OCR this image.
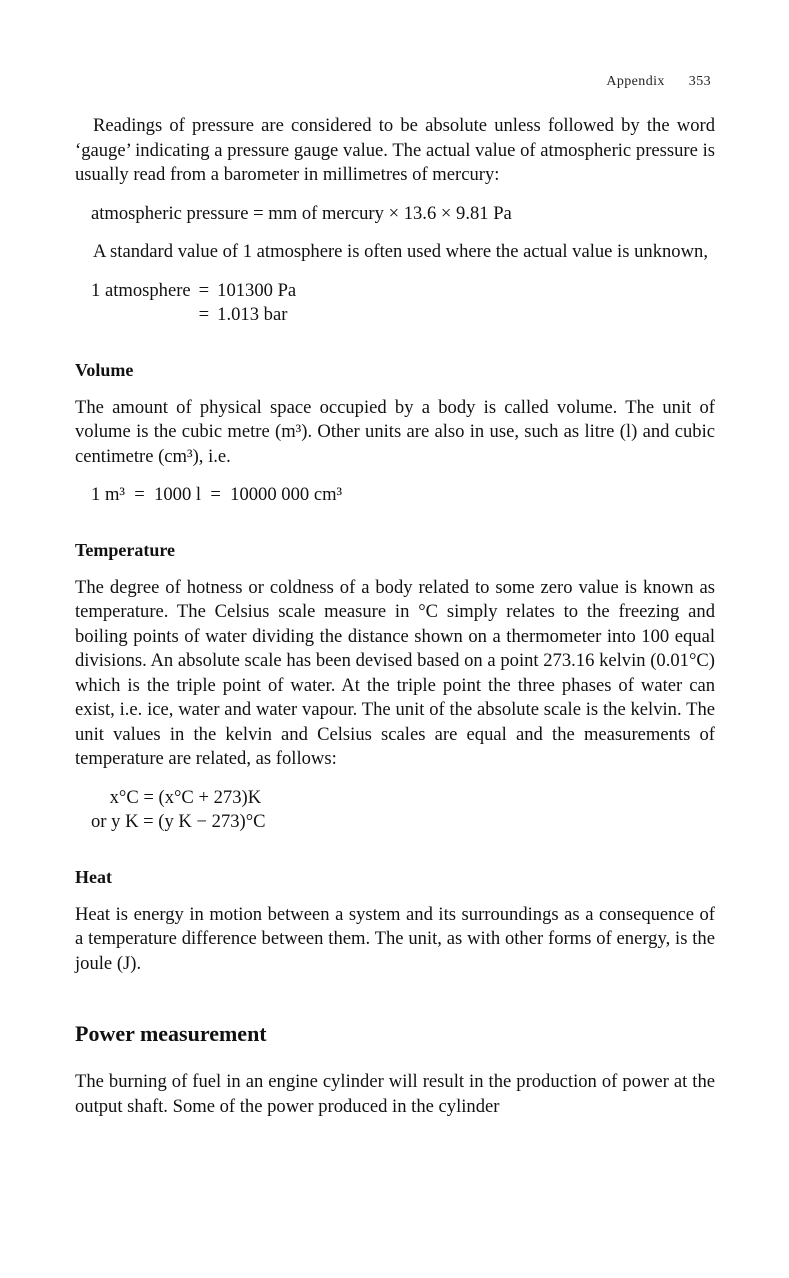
Appendix 353

Readings of pressure are considered to be absolute unless followed by the word ‘gauge’ indicating a pressure gauge value. The actual value of atmospheric pressure is usually read from a barometer in millimetres of mercury:

atmospheric pressure = mm of mercury × 13.6 × 9.81 Pa

A standard value of 1 atmosphere is often used where the actual value is unknown,

1 atmosphere = 101300 Pa
= 1.013 bar
Volume

The amount of physical space occupied by a body is called volume. The unit of volume is the cubic metre (m³). Other units are also in use, such as litre (l) and cubic centimetre (cm³), i.e.

1 m³  =  1000 l  =  10000 000 cm³
Temperature

The degree of hotness or coldness of a body related to some zero value is known as temperature. The Celsius scale measure in °C simply relates to the freezing and boiling points of water dividing the distance shown on a thermometer into 100 equal divisions. An absolute scale has been devised based on a point 273.16 kelvin (0.01°C) which is the triple point of water. At the triple point the three phases of water can exist, i.e. ice, water and water vapour. The unit of the absolute scale is the kelvin. The unit values in the kelvin and Celsius scales are equal and the measurements of temperature are related, as follows:

x°C = (x°C + 273)K
or y K = (y K − 273)°C
Heat

Heat is energy in motion between a system and its surroundings as a consequence of a temperature difference between them. The unit, as with other forms of energy, is the joule (J).

Power measurement

The burning of fuel in an engine cylinder will result in the production of power at the output shaft. Some of the power produced in the cylinder
